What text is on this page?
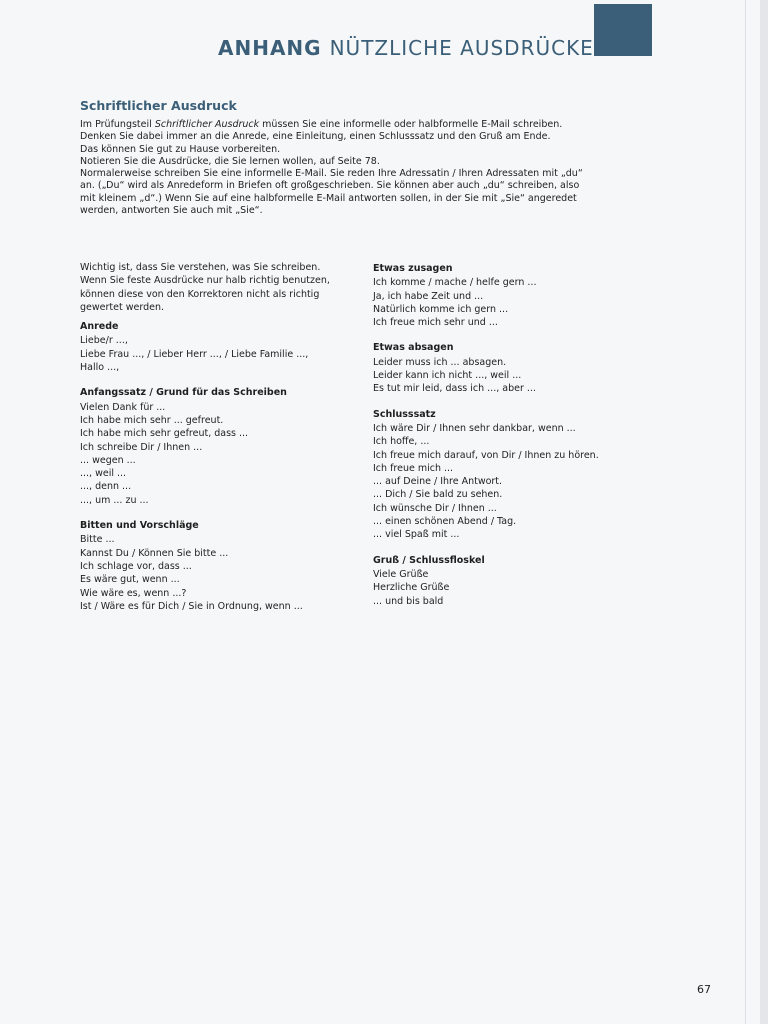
ANHANG NÜTZLICHE AUSDRÜCKE
Schriftlicher Ausdruck
Im Prüfungsteil Schriftlicher Ausdruck müssen Sie eine informelle oder halbformelle E-Mail schreiben.
Denken Sie dabei immer an die Anrede, eine Einleitung, einen Schlusssatz und den Gruß am Ende.
Das können Sie gut zu Hause vorbereiten.
Notieren Sie die Ausdrücke, die Sie lernen wollen, auf Seite 78.
Normalerweise schreiben Sie eine informelle E-Mail. Sie reden Ihre Adressatin / Ihren Adressaten mit „du“
an. („Du“ wird als Anredeform in Briefen oft großgeschrieben. Sie können aber auch „du“ schreiben, also
mit kleinem „d“.) Wenn Sie auf eine halbformelle E-Mail antworten sollen, in der Sie mit „Sie“ angeredet
werden, antworten Sie auch mit „Sie“.
Wichtig ist, dass Sie verstehen, was Sie schreiben.
Wenn Sie feste Ausdrücke nur halb richtig benutzen,
können diese von den Korrektoren nicht als richtig
gewertet werden.
Anrede
Liebe/r ...,
Liebe Frau ..., / Lieber Herr ..., / Liebe Familie ...,
Hallo ...,
Anfangssatz / Grund für das Schreiben
Vielen Dank für ...
Ich habe mich sehr ... gefreut.
Ich habe mich sehr gefreut, dass ...
Ich schreibe Dir / Ihnen ...
... wegen ...
..., weil ...
..., denn ...
..., um ... zu ...
Bitten und Vorschläge
Bitte ...
Kannst Du / Können Sie bitte ...
Ich schlage vor, dass ...
Es wäre gut, wenn ...
Wie wäre es, wenn ...?
Ist / Wäre es für Dich / Sie in Ordnung, wenn ...
Etwas zusagen
Ich komme / mache / helfe gern ...
Ja, ich habe Zeit und ...
Natürlich komme ich gern ...
Ich freue mich sehr und ...
Etwas absagen
Leider muss ich ... absagen.
Leider kann ich nicht ..., weil ...
Es tut mir leid, dass ich ..., aber ...
Schlusssatz
Ich wäre Dir / Ihnen sehr dankbar, wenn ...
Ich hoffe, ...
Ich freue mich darauf, von Dir / Ihnen zu hören.
Ich freue mich ...
... auf Deine / Ihre Antwort.
... Dich / Sie bald zu sehen.
Ich wünsche Dir / Ihnen ...
... einen schönen Abend / Tag.
... viel Spaß mit ...
Gruß / Schlussfloskel
Viele Grüße
Herzliche Grüße
... und bis bald
67
